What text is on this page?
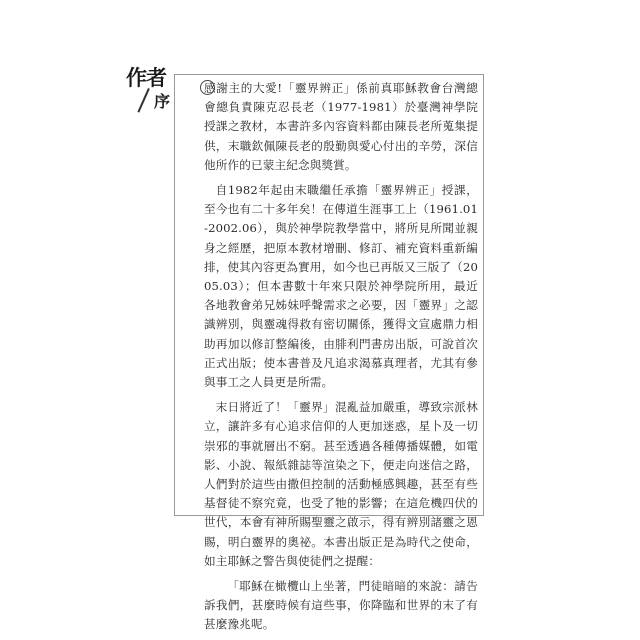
作者
序

感謝主的大愛!「靈界辨正」係前真耶穌教會台灣總會總負責陳克忍長老（1977-1981）於臺灣神學院授課之教材，本書許多內容資料都由陳長老所蒐集提供，末職欽佩陳長老的殷勤與愛心付出的辛勞，深信他所作的已蒙主紀念與獎賞。

自1982年起由末職繼任承擔「靈界辨正」授課，至今也有二十多年矣！在傳道生涯事工上（1961.01-2002.06），與於神學院教學當中，將所見所聞並親身之經歷，把原本教材增刪、修訂、補充資料重新編排，使其內容更為實用，如今也已再版又三版了（2005.03）；但本書數十年來只限於神學院所用，最近各地教會弟兄姊妹呼聲需求之必要，因「靈界」之認識辨別，與靈魂得救有密切關係，獲得文宣處鼎力相助再加以修訂整編後，由腓利門書房出版，可說首次正式出版；使本書普及凡追求渴慕真理者，尤其有參與事工之人員更是所需。

末日將近了！「靈界」混亂益加嚴重，導致宗派林立，讓許多有心追求信仰的人更加迷惑，星卜及一切崇邪的事就層出不窮。甚至透過各種傳播媒體，如電影、小說、報紙雜誌等渲染之下，便走向迷信之路，人們對於這些由撒但控制的活動極感興趣，甚至有些基督徒不察究竟，也受了牠的影響；在這危機四伏的世代，本會有神所賜聖靈之啟示，得有辨別諸靈之恩賜，明白靈界的奧祕。本書出版正是為時代之使命，如主耶穌之警告與使徒們之提醒：

「耶穌在橄欖山上坐著，門徒暗暗的來說：請告訴我們，甚麼時候有這些事，你降臨和世界的末了有甚麼豫兆呢。
